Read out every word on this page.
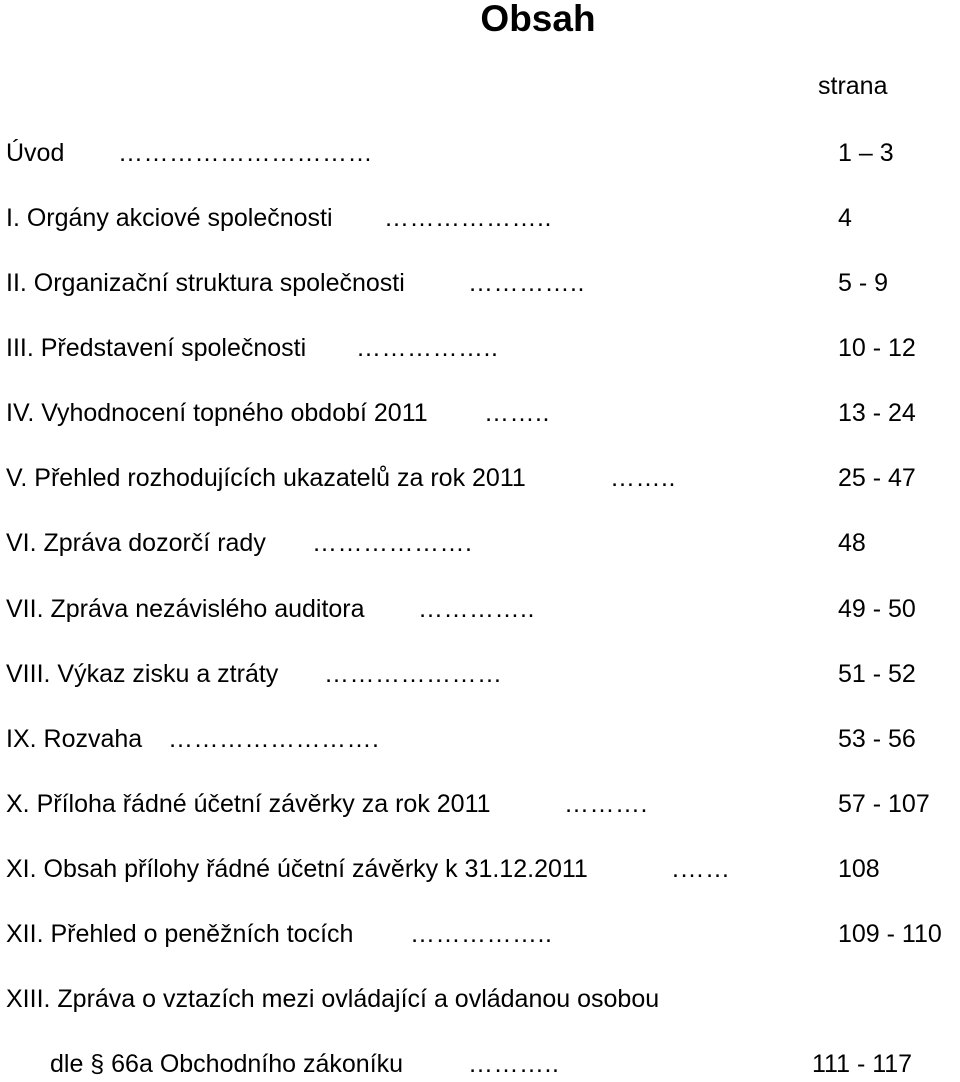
Obsah
strana
Úvod …………………………	1 – 3
I. Orgány akciové společnosti ………………..	4
II. Organizační struktura společnosti	…………..	5 - 9
III. Představení společnosti ……………..	10 - 12
IV. Vyhodnocení topného období 2011 ……..	13 - 24
V. Přehled rozhodujících ukazatelů za rok 2011	……..	25 - 47
VI. Zpráva dozorčí rady ……………….	48
VII. Zpráva nezávislého auditora …………..	49 - 50
VIII. Výkaz zisku a ztráty …………………	51 - 52
IX. Rozvaha …………………….	53 - 56
X. Příloha řádné účetní závěrky za rok 2011	……….	57 - 107
XI. Obsah přílohy řádné účetní závěrky k 31.12.2011	.……	108
XII. Přehled o peněžních tocích ……………..	109 - 110
XIII. Zpráva o vztazích mezi ovládající a ovládanou osobou
dle § 66a Obchodního zákoníku	………..	111 - 117
